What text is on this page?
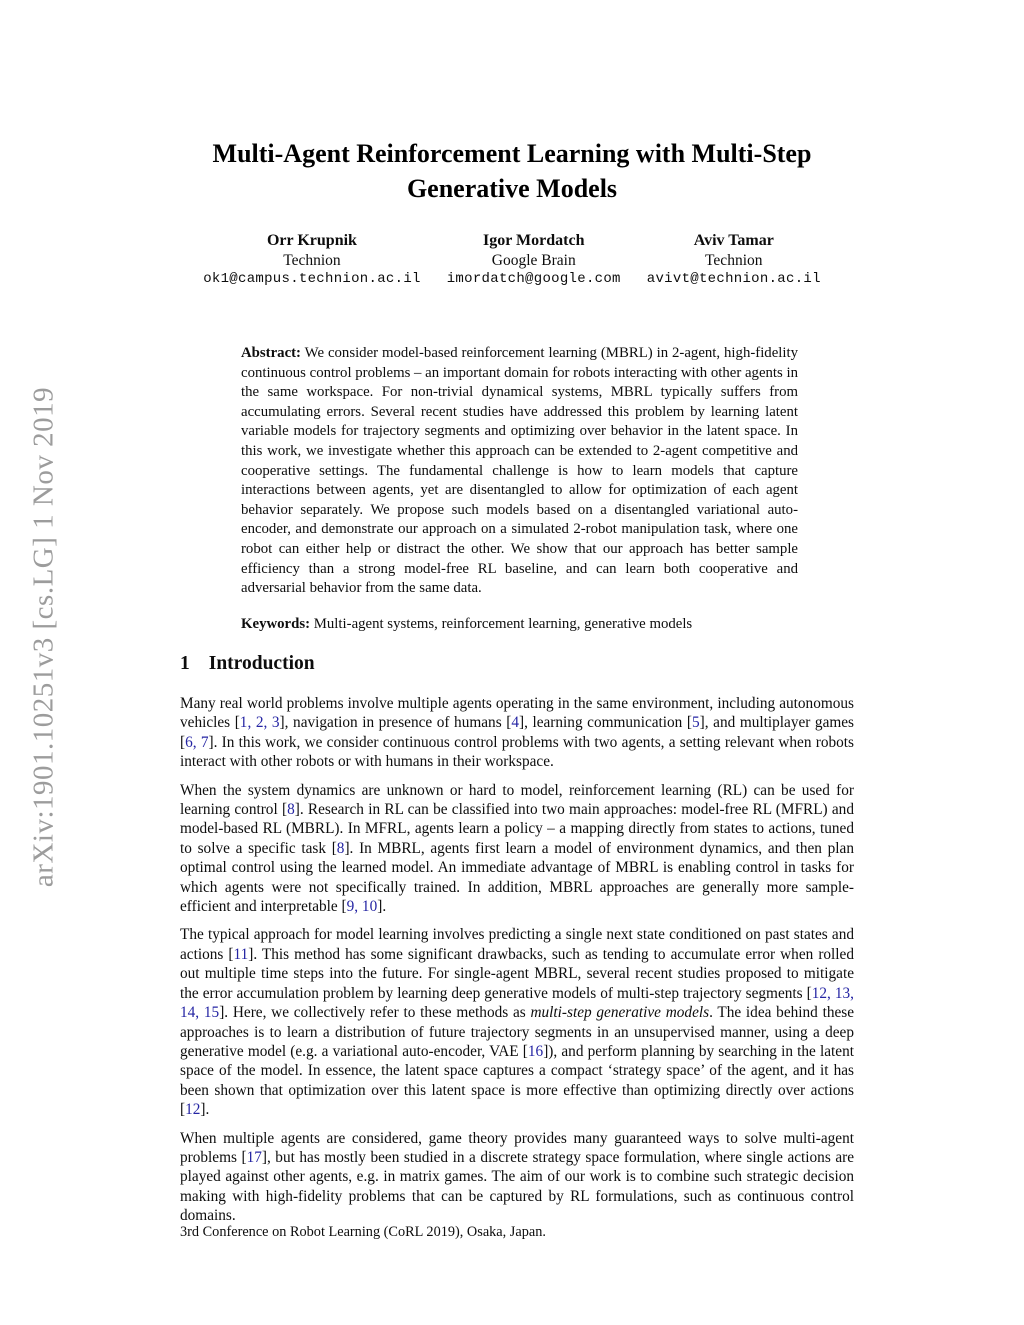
arXiv:1901.10251v3 [cs.LG] 1 Nov 2019
Multi-Agent Reinforcement Learning with Multi-Step
Generative Models
Orr Krupnik
Technion
ok1@campus.technion.ac.il
Igor Mordatch
Google Brain
imordatch@google.com
Aviv Tamar
Technion
avivt@technion.ac.il
Abstract: We consider model-based reinforcement learning (MBRL) in 2-agent, high-fidelity continuous control problems – an important domain for robots interacting with other agents in the same workspace. For non-trivial dynamical systems, MBRL typically suffers from accumulating errors. Several recent studies have addressed this problem by learning latent variable models for trajectory segments and optimizing over behavior in the latent space. In this work, we investigate whether this approach can be extended to 2-agent competitive and cooperative settings. The fundamental challenge is how to learn models that capture interactions between agents, yet are disentangled to allow for optimization of each agent behavior separately. We propose such models based on a disentangled variational auto-encoder, and demonstrate our approach on a simulated 2-robot manipulation task, where one robot can either help or distract the other. We show that our approach has better sample efficiency than a strong model-free RL baseline, and can learn both cooperative and adversarial behavior from the same data.
Keywords: Multi-agent systems, reinforcement learning, generative models
1 Introduction

Many real world problems involve multiple agents operating in the same environment, including autonomous vehicles [1, 2, 3], navigation in presence of humans [4], learning communication [5], and multiplayer games [6, 7]. In this work, we consider continuous control problems with two agents, a setting relevant when robots interact with other robots or with humans in their workspace.

When the system dynamics are unknown or hard to model, reinforcement learning (RL) can be used for learning control [8]. Research in RL can be classified into two main approaches: model-free RL (MFRL) and model-based RL (MBRL). In MFRL, agents learn a policy – a mapping directly from states to actions, tuned to solve a specific task [8]. In MBRL, agents first learn a model of environment dynamics, and then plan optimal control using the learned model. An immediate advantage of MBRL is enabling control in tasks for which agents were not specifically trained. In addition, MBRL approaches are generally more sample-efficient and interpretable [9, 10].

The typical approach for model learning involves predicting a single next state conditioned on past states and actions [11]. This method has some significant drawbacks, such as tending to accumulate error when rolled out multiple time steps into the future. For single-agent MBRL, several recent studies proposed to mitigate the error accumulation problem by learning deep generative models of multi-step trajectory segments [12, 13, 14, 15]. Here, we collectively refer to these methods as multi-step generative models. The idea behind these approaches is to learn a distribution of future trajectory segments in an unsupervised manner, using a deep generative model (e.g. a variational auto-encoder, VAE [16]), and perform planning by searching in the latent space of the model. In essence, the latent space captures a compact ‘strategy space’ of the agent, and it has been shown that optimization over this latent space is more effective than optimizing directly over actions [12].

When multiple agents are considered, game theory provides many guaranteed ways to solve multi-agent problems [17], but has mostly been studied in a discrete strategy space formulation, where single actions are played against other agents, e.g. in matrix games. The aim of our work is to combine such strategic decision making with high-fidelity problems that can be captured by RL formulations, such as continuous control domains.

3rd Conference on Robot Learning (CoRL 2019), Osaka, Japan.
